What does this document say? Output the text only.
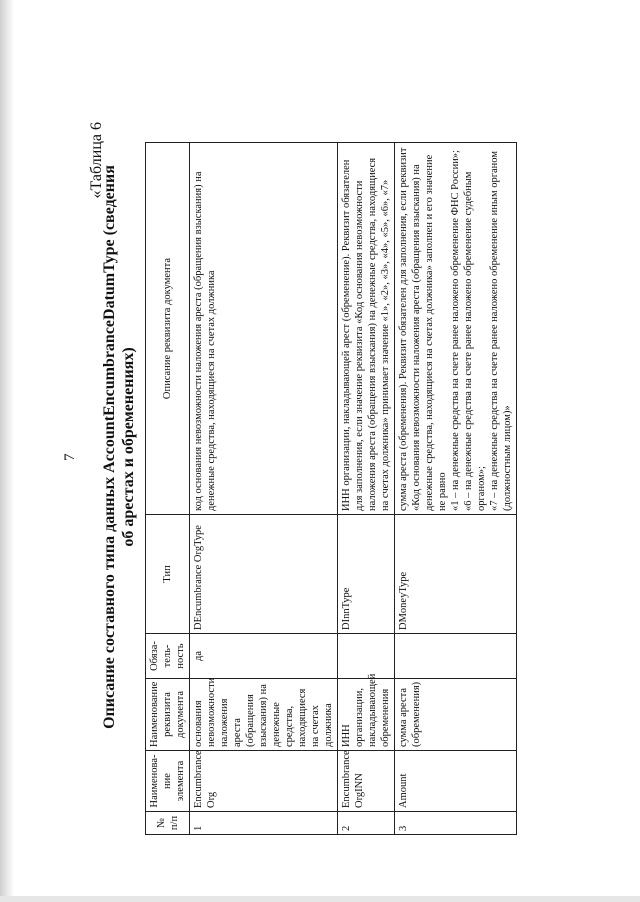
7
«Таблица 6
Описание составного типа данных AccountEncumbranceDatumType (сведения об арестах и обременениях)
№ п/п	Наименова-ние элемента	Наименование реквизита документа	Обяза-тель-ность	Тип	Описание реквизита документа
1	Encumbrance Org	основания невозможности наложения ареста (обращения взыскания) на денежные средства, находящиеся на счетах должника	да	DEncumbrance OrgType	код основания невозможности наложения ареста (обращения взыскания) на денежные средства, находящиеся на счетах должника

2	Encumbrance OrgINN	ИНН организации, накладывающей обременения		DInnType	ИНН организации, накладывающей арест (обременение). Реквизит обязателен для заполнения, если значение реквизита «Код основания невозможности наложения ареста (обращения взыскания) на денежные средства, находящиеся на счетах должника» принимает значение «1», «2», «3», «4», «5», «6», «7»

3	Amount	сумма ареста (обременения)		DMoneyType	сумма ареста (обременения). Реквизит обязателен для заполнения, если реквизит «Код основания невозможности наложения ареста (обращения взыскания) на денежные средства, находящиеся на счетах должника» заполнен и его значение не равно «1 – на денежные средства на счете ранее наложено обременение ФНС России»; «6 – на денежные средства на счете ранее наложено обременение судебным органом»; «7 – на денежные средства на счете ранее наложено обременение иным органом (должностным лицом)»
